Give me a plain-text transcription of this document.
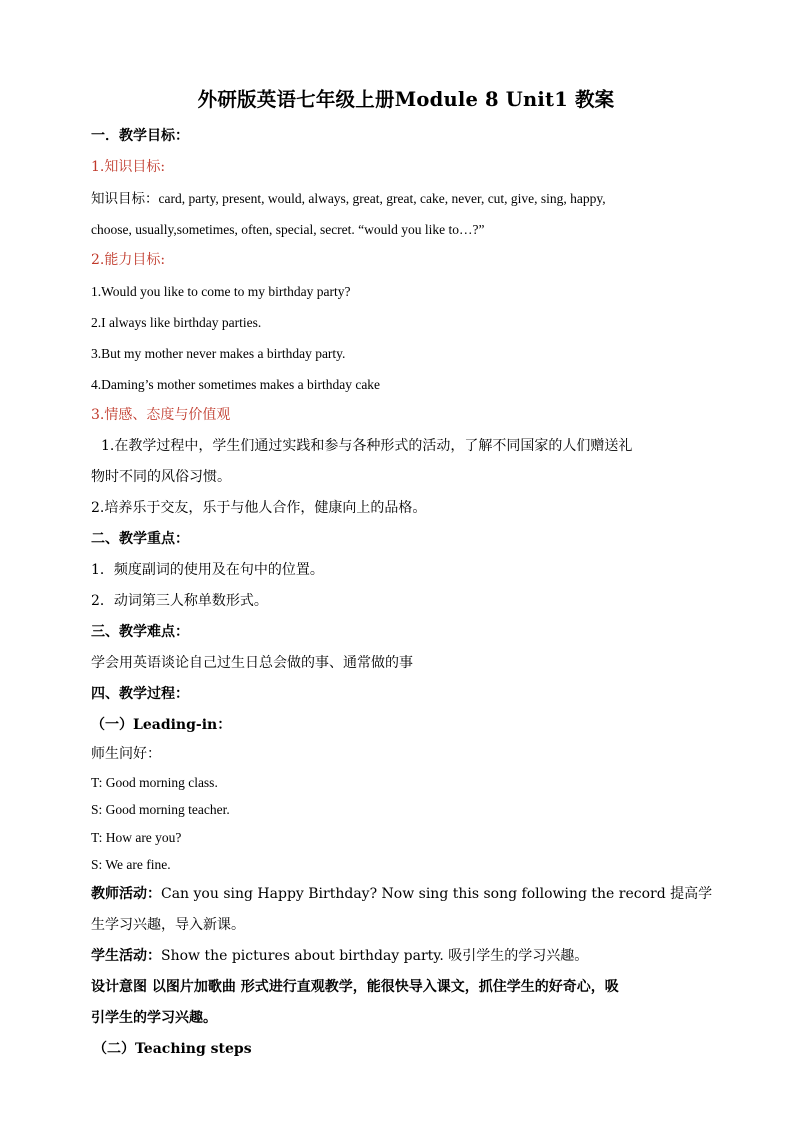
外研版英语七年级上册Module 8 Unit1 教案
一．教学目标：
1.知识目标:
知识目标：card, party, present, would, always, great, great, cake, never, cut, give, sing, happy,
choose, usually,sometimes, often, special, secret. “would you like to…?”
2.能力目标:
1.Would you like to come to my birthday party?
2.I always like birthday parties.
3.But my mother never makes a birthday party.
4.Daming’s mother sometimes makes a birthday cake
3.情感、态度与价值观
1.在教学过程中，学生们通过实践和参与各种形式的活动，了解不同国家的人们赠送礼
物时不同的风俗习惯。
2.培养乐于交友，乐于与他人合作，健康向上的品格。
二、教学重点：
1．频度副词的使用及在句中的位置。
2．动词第三人称单数形式。
三、教学难点：
学会用英语谈论自己过生日总会做的事、通常做的事
四、教学过程：
（一）Leading-in：
师生问好：
T: Good morning class.
S: Good morning teacher.
T: How are you?
S: We are fine.
教师活动：Can you sing Happy Birthday? Now sing this song following the record 提高学
生学习兴趣，导入新课。
学生活动：Show the pictures about birthday party. 吸引学生的学习兴趣。
设计意图 以图片加歌曲 形式进行直观教学，能很快导入课文，抓住学生的好奇心，吸
引学生的学习兴趣。
（二）Teaching steps
